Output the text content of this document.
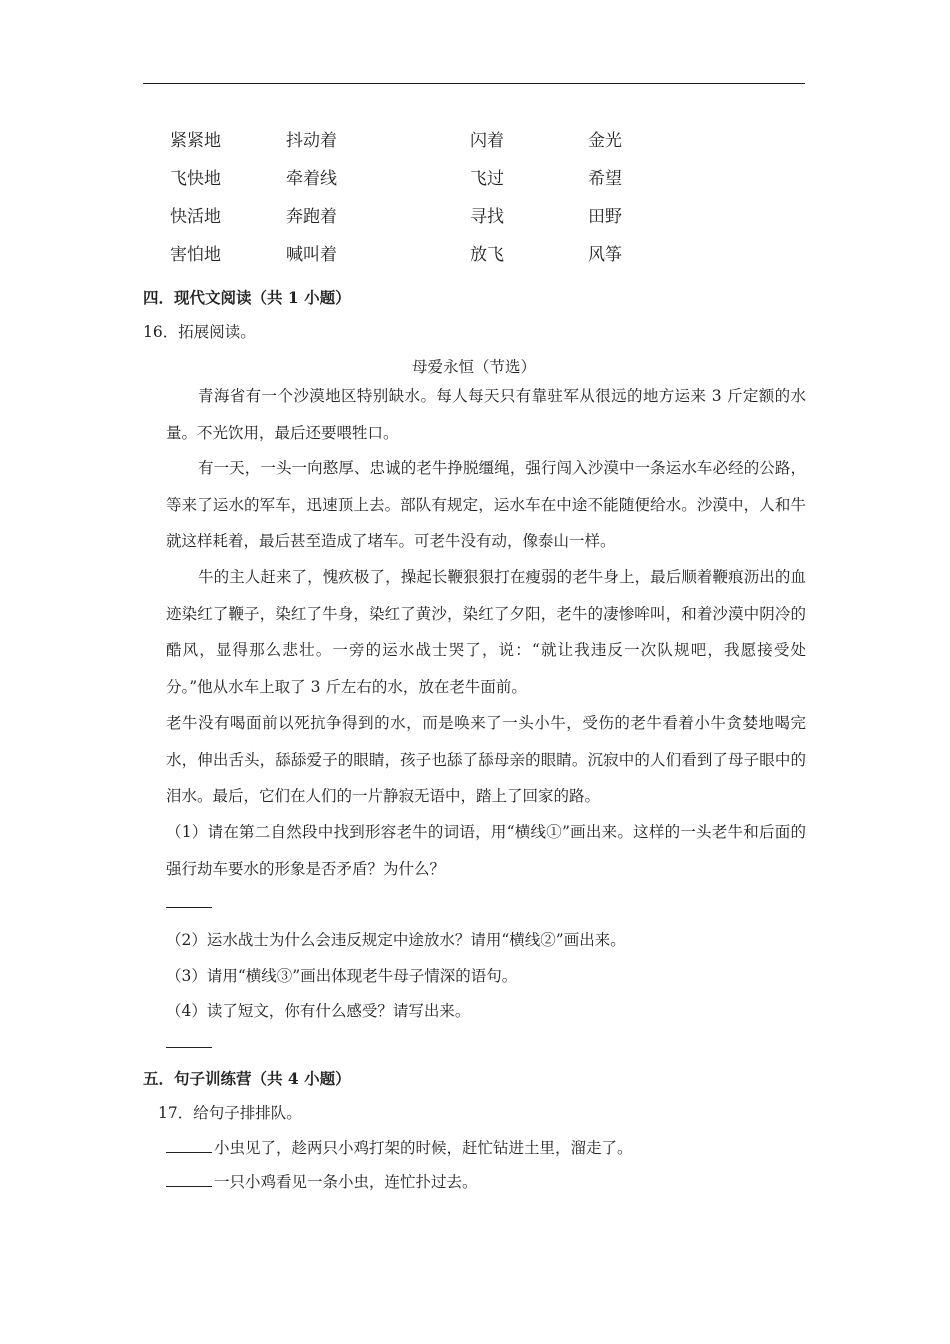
紧紧地
飞快地
快活地
害怕地
抖动着
牵着线
奔跑着
喊叫着
闪着
飞过
寻找
放飞
金光
希望
田野
风筝
四．现代文阅读（共 1 小题）
16．拓展阅读。
母爱永恒（节选）
青海省有一个沙漠地区特别缺水。每人每天只有靠驻军从很远的地方运来 3 斤定额的水量。不光饮用，最后还要喂牲口。
有一天，一头一向憨厚、忠诚的老牛挣脱缰绳，强行闯入沙漠中一条运水车必经的公路，等来了运水的军车，迅速顶上去。部队有规定，运水车在中途不能随便给水。沙漠中，人和牛就这样耗着，最后甚至造成了堵车。可老牛没有动，像泰山一样。
牛的主人赶来了，愧疚极了，操起长鞭狠狠打在瘦弱的老牛身上，最后顺着鞭痕沥出的血迹染红了鞭子，染红了牛身，染红了黄沙，染红了夕阳，老牛的凄惨哞叫，和着沙漠中阴冷的酷风，显得那么悲壮。一旁的运水战士哭了，说：“就让我违反一次队规吧，我愿接受处分。”他从水车上取了 3 斤左右的水，放在老牛面前。
老牛没有喝面前以死抗争得到的水，而是唤来了一头小牛，受伤的老牛看着小牛贪婪地喝完水，伸出舌头，舔舔爱子的眼睛，孩子也舔了舔母亲的眼睛。沉寂中的人们看到了母子眼中的泪水。最后，它们在人们的一片静寂无语中，踏上了回家的路。
（1）请在第二自然段中找到形容老牛的词语，用“横线①”画出来。这样的一头老牛和后面的强行劫车要水的形象是否矛盾？为什么？
（2）运水战士为什么会违反规定中途放水？请用“横线②”画出来。
（3）请用“横线③”画出体现老牛母子情深的语句。
（4）读了短文，你有什么感受？请写出来。
五．句子训练营（共 4 小题）
17．给句子排排队。
小虫见了，趁两只小鸡打架的时候，赶忙钻进土里，溜走了。
一只小鸡看见一条小虫，连忙扑过去。
